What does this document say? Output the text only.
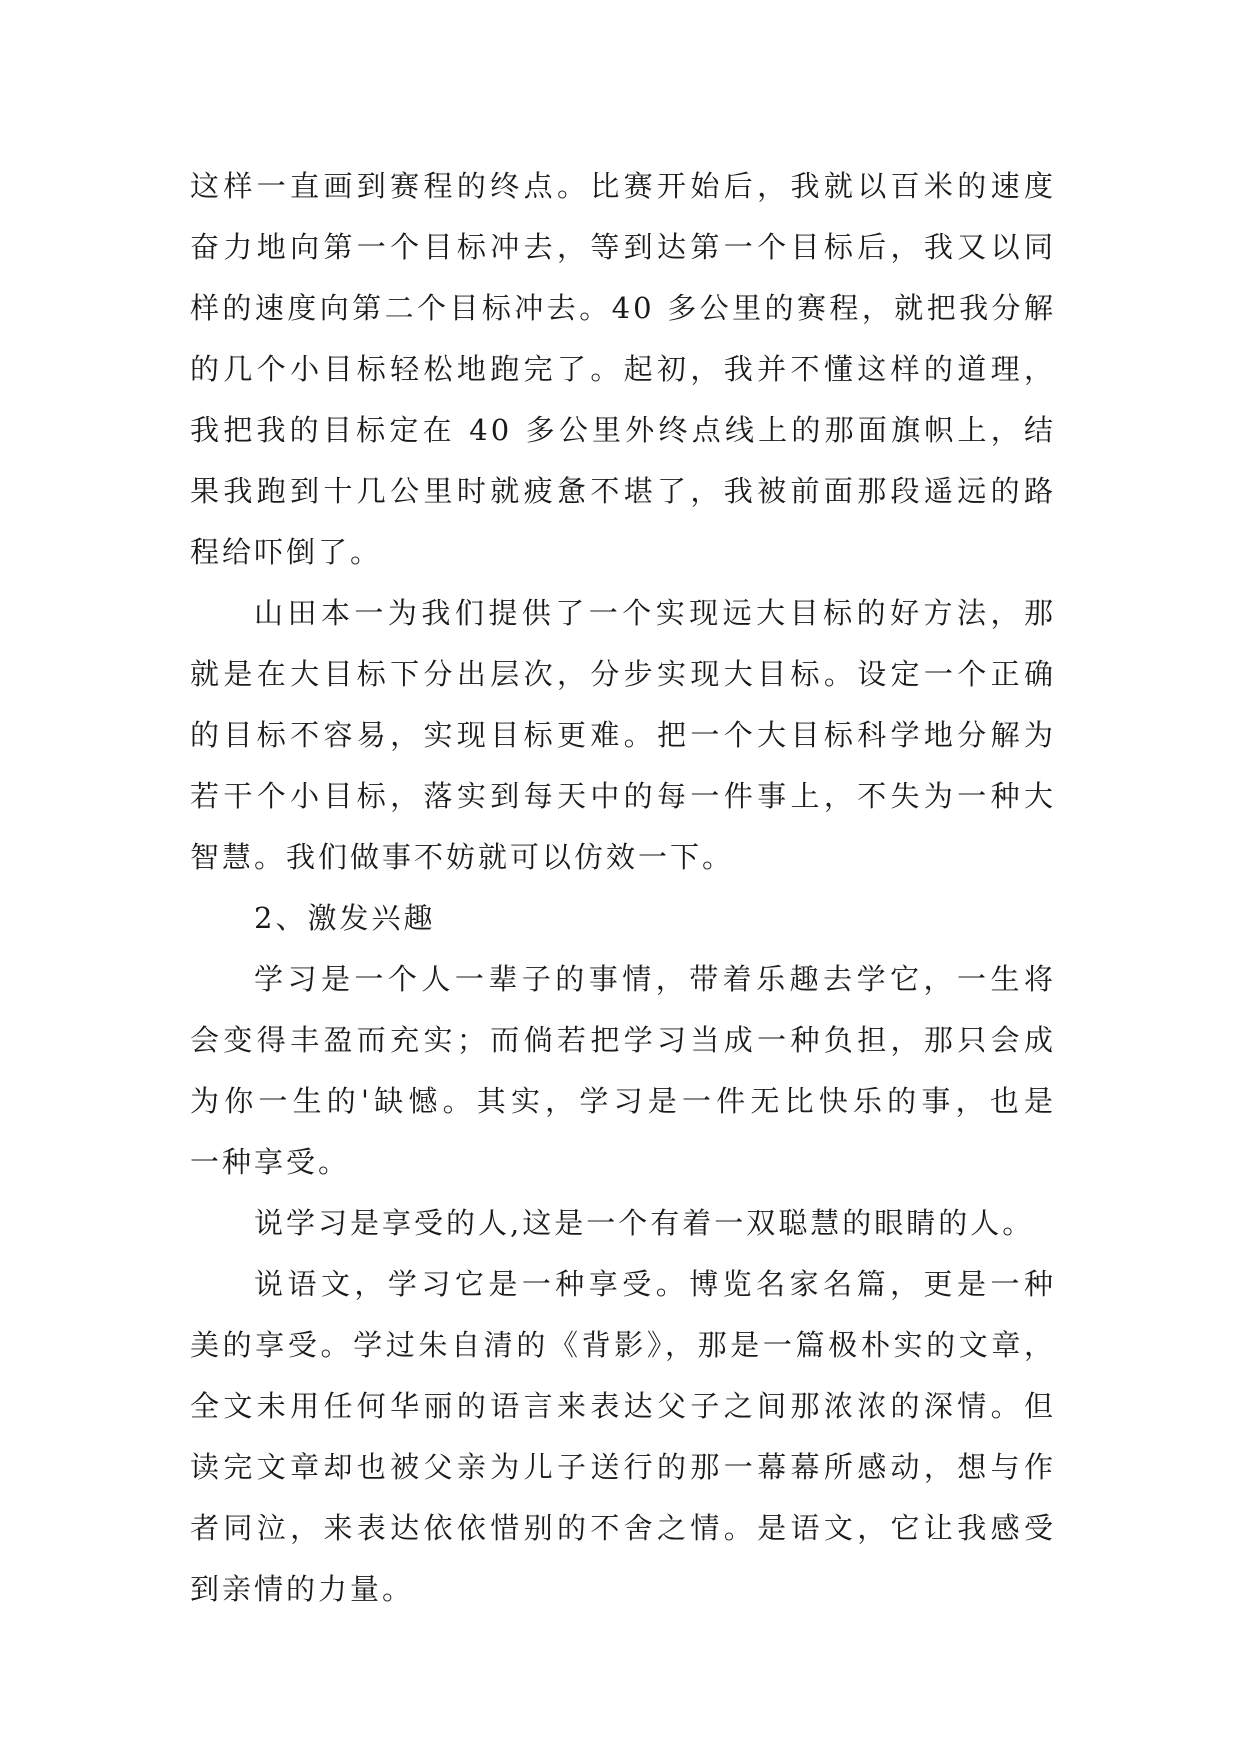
这样一直画到赛程的终点。比赛开始后，我就以百米的速度
奋力地向第一个目标冲去，等到达第一个目标后，我又以同
样的速度向第二个目标冲去。40 多公里的赛程，就把我分解
的几个小目标轻松地跑完了。起初，我并不懂这样的道理，
我把我的目标定在 40 多公里外终点线上的那面旗帜上，结
果我跑到十几公里时就疲惫不堪了，我被前面那段遥远的路
程给吓倒了。
山田本一为我们提供了一个实现远大目标的好方法，那
就是在大目标下分出层次，分步实现大目标。设定一个正确
的目标不容易，实现目标更难。把一个大目标科学地分解为
若干个小目标，落实到每天中的每一件事上，不失为一种大
智慧。我们做事不妨就可以仿效一下。
2、激发兴趣
学习是一个人一辈子的事情，带着乐趣去学它，一生将
会变得丰盈而充实；而倘若把学习当成一种负担，那只会成
为你一生的'缺憾。其实，学习是一件无比快乐的事，也是
一种享受。
说学习是享受的人,这是一个有着一双聪慧的眼睛的人。
说语文，学习它是一种享受。博览名家名篇，更是一种
美的享受。学过朱自清的《背影》，那是一篇极朴实的文章，
全文未用任何华丽的语言来表达父子之间那浓浓的深情。但
读完文章却也被父亲为儿子送行的那一幕幕所感动，想与作
者同泣，来表达依依惜别的不舍之情。是语文，它让我感受
到亲情的力量。
